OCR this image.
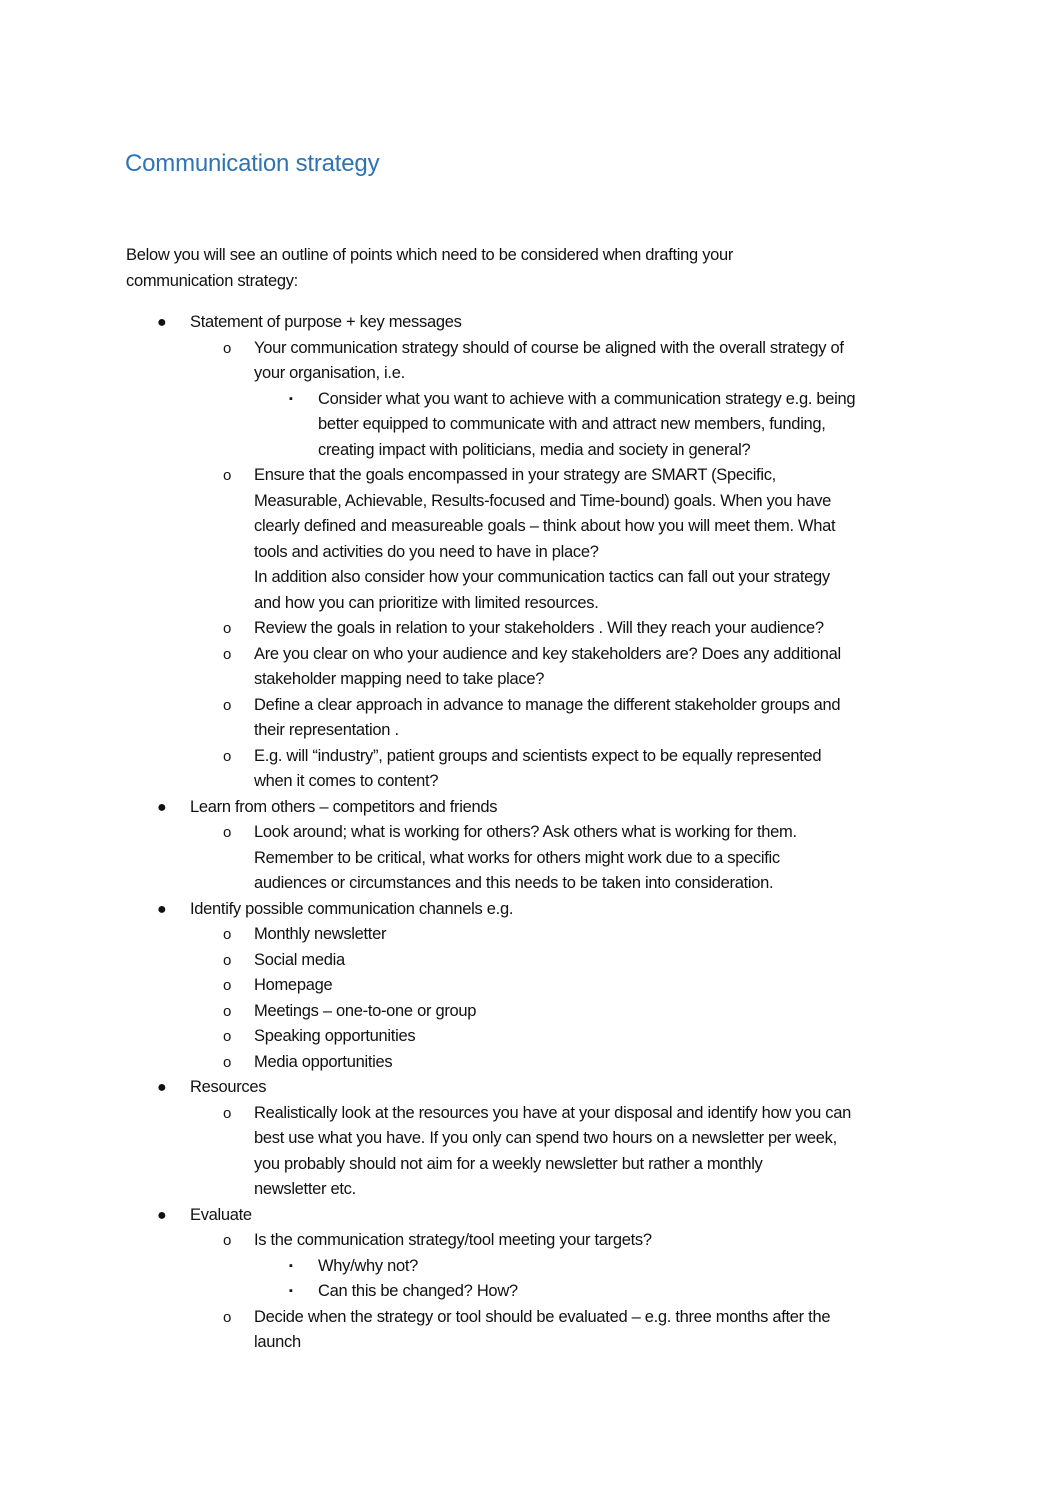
Communication strategy
Below you will see an outline of points which need to be considered when drafting your
communication strategy:
● Statement of purpose + key messages
o Your communication strategy should of course be aligned with the overall strategy of
your organisation, i.e.
▪ Consider what you want to achieve with a communication strategy e.g. being
better equipped to communicate with and attract new members, funding,
creating impact with politicians, media and society in general?
o Ensure that the goals encompassed in your strategy are SMART (Specific,
Measurable, Achievable, Results-focused and Time-bound) goals. When you have
clearly defined and measureable goals – think about how you will meet them. What
tools and activities do you need to have in place?
In addition also consider how your communication tactics can fall out your strategy
and how you can prioritize with limited resources.
o Review the goals in relation to your stakeholders . Will they reach your audience?
o Are you clear on who your audience and key stakeholders are? Does any additional
stakeholder mapping need to take place?
o Define a clear approach in advance to manage the different stakeholder groups and
their representation .
o E.g. will “industry”, patient groups and scientists expect to be equally represented
when it comes to content?
● Learn from others – competitors and friends
o Look around; what is working for others? Ask others what is working for them.
Remember to be critical, what works for others might work due to a specific
audiences or circumstances and this needs to be taken into consideration.
● Identify possible communication channels e.g.
o Monthly newsletter
o Social media
o Homepage
o Meetings – one-to-one or group
o Speaking opportunities
o Media opportunities
● Resources
o Realistically look at the resources you have at your disposal and identify how you can
best use what you have. If you only can spend two hours on a newsletter per week,
you probably should not aim for a weekly newsletter but rather a monthly
newsletter etc.
● Evaluate
o Is the communication strategy/tool meeting your targets?
▪ Why/why not?
▪ Can this be changed? How?
o Decide when the strategy or tool should be evaluated – e.g. three months after the
launch
